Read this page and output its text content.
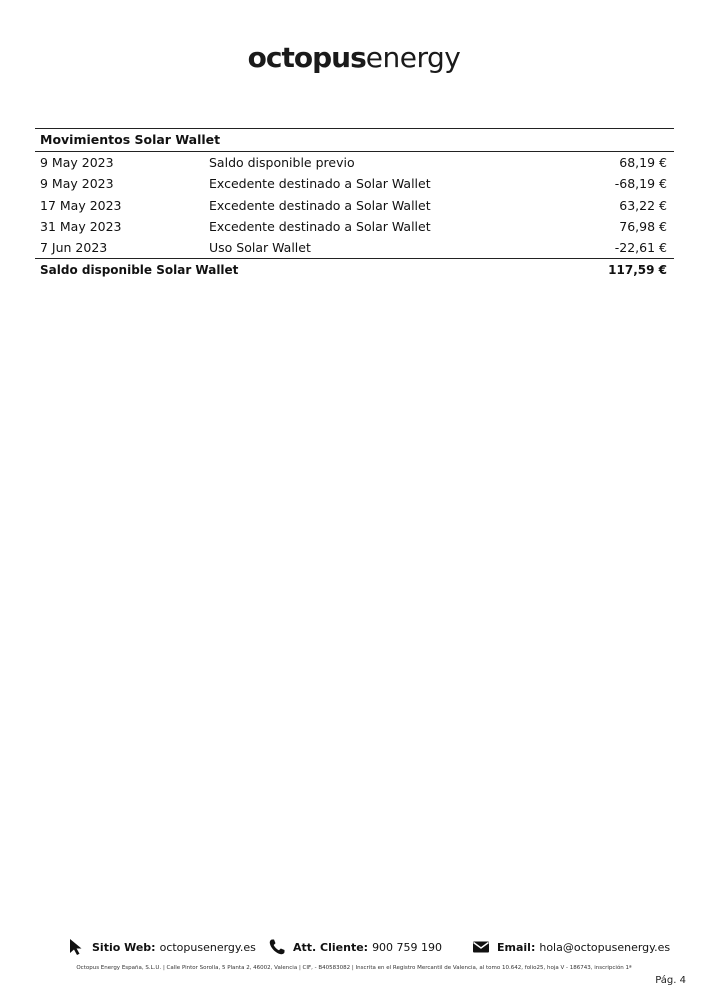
octopusenergy
Movimientos Solar Wallet
9 May 2023	Saldo disponible previo	68,19 €
9 May 2023	Excedente destinado a Solar Wallet	-68,19 €
17 May 2023	Excedente destinado a Solar Wallet	63,22 €
31 May 2023	Excedente destinado a Solar Wallet	76,98 €
7 Jun 2023	Uso Solar Wallet	-22,61 €
Saldo disponible Solar Wallet	117,59 €
Sitio Web: octopusenergy.es	Att. Cliente: 900 759 190	Email: hola@octopusenergy.es
Octopus Energy España, S.L.U. | Calle Pintor Sorolla, 5 Planta 2, 46002, Valencia | CIF, - B40583082 | Inscrita en el Registro Mercantil de Valencia, al tomo 10.642, folio25, hoja V - 186743, inscripción 1ª
Pág. 4
